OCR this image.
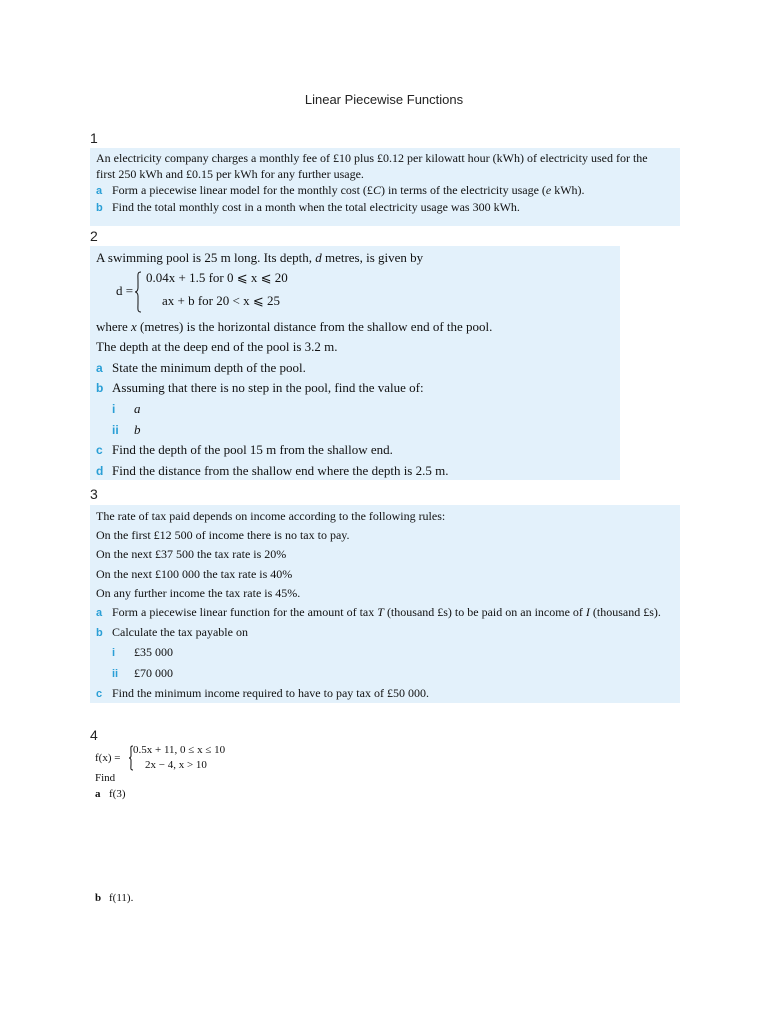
Linear Piecewise Functions
1
An electricity company charges a monthly fee of £10 plus £0.12 per kilowatt hour (kWh) of electricity used for the
first 250 kWh and £0.15 per kWh for any further usage.
a Form a piecewise linear model for the monthly cost (£C) in terms of the electricity usage (e kWh).
b Find the total monthly cost in a month when the total electricity usage was 300 kWh.
2
A swimming pool is 25 m long. Its depth, d metres, is given by
d =
0.04x + 1.5 for 0 ⩽ x ⩽ 20
ax + b for 20 < x ⩽ 25
where x (metres) is the horizontal distance from the shallow end of the pool.
The depth at the deep end of the pool is 3.2 m.
a State the minimum depth of the pool.
b Assuming that there is no step in the pool, find the value of:
i a
ii b
c Find the depth of the pool 15 m from the shallow end.
d Find the distance from the shallow end where the depth is 2.5 m.
3
The rate of tax paid depends on income according to the following rules:
On the first £12 500 of income there is no tax to pay.
On the next £37 500 the tax rate is 20%
On the next £100 000 the tax rate is 40%
On any further income the tax rate is 45%.
a Form a piecewise linear function for the amount of tax T (thousand £s) to be paid on an income of I (thousand £s).
b Calculate the tax payable on
i £35 000
ii £70 000
c Find the minimum income required to have to pay tax of £50 000.
4
f(x) =
0.5x + 11, 0 ≤ x ≤ 10
2x − 4, x > 10
Find
a f(3)
b f(11).
